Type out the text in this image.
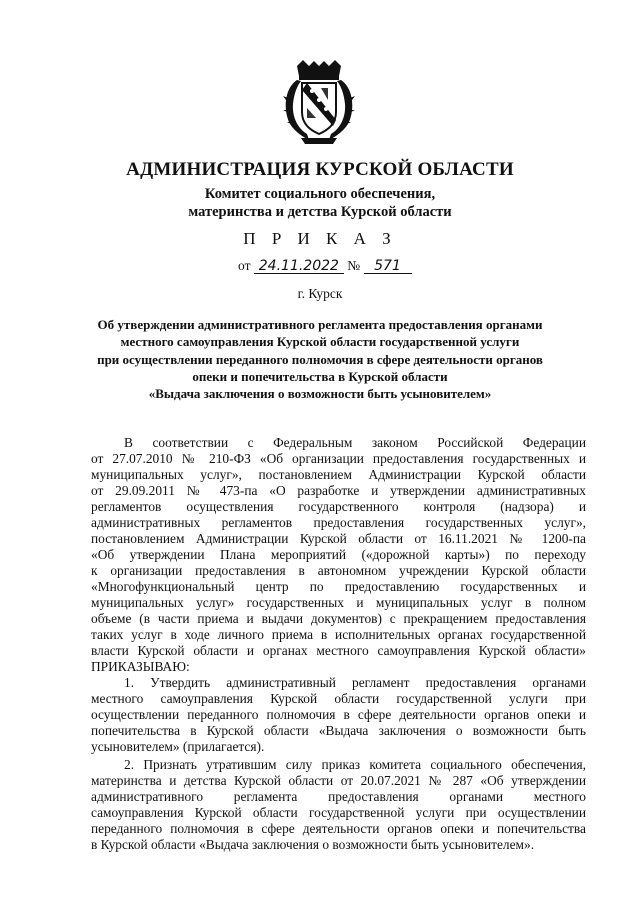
АДМИНИСТРАЦИЯ КУРСКОЙ ОБЛАСТИ
Комитет социального обеспечения,
материнства и детства Курской области
П Р И К А З
от 24.11.2022 № 571
г. Курск
Об утверждении административного регламента предоставления органами
местного самоуправления Курской области государственной услуги
при осуществлении переданного полномочия в сфере деятельности органов
опеки и попечительства в Курской области
«Выдача заключения о возможности быть усыновителем»
В соответствии с Федеральным законом Российской Федерации
от 27.07.2010 № 210-ФЗ «Об организации предоставления государственных и
муниципальных услуг», постановлением Администрации Курской области
от 29.09.2011 № 473-па «О разработке и утверждении административных
регламентов осуществления государственного контроля (надзора) и
административных регламентов предоставления государственных услуг»,
постановлением Администрации Курской области от 16.11.2021 № 1200-па
«Об утверждении Плана мероприятий («дорожной карты») по переходу
к организации предоставления в автономном учреждении Курской области
«Многофункциональный центр по предоставлению государственных и
муниципальных услуг» государственных и муниципальных услуг в полном
объеме (в части приема и выдачи документов) с прекращением предоставления
таких услуг в ходе личного приема в исполнительных органах государственной
власти Курской области и органах местного самоуправления Курской области»
ПРИКАЗЫВАЮ:
1. Утвердить административный регламент предоставления органами
местного самоуправления Курской области государственной услуги при
осуществлении переданного полномочия в сфере деятельности органов опеки и
попечительства в Курской области «Выдача заключения о возможности быть
усыновителем» (прилагается).
2. Признать утратившим силу приказ комитета социального обеспечения,
материнства и детства Курской области от 20.07.2021 № 287 «Об утверждении
административного регламента предоставления органами местного
самоуправления Курской области государственной услуги при осуществлении
переданного полномочия в сфере деятельности органов опеки и попечительства
в Курской области «Выдача заключения о возможности быть усыновителем».
